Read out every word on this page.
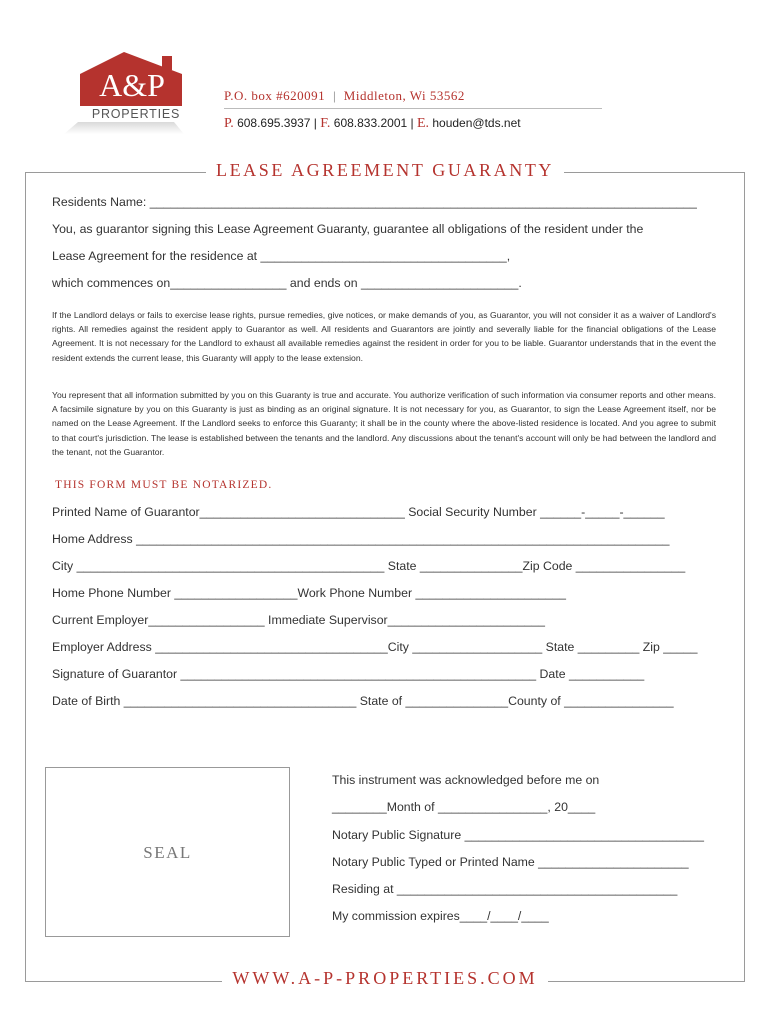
A&P
PROPERTIES
P.O. box #620091 | Middleton, Wi 53562
P. 608.695.3937 | F. 608.833.2001 | E. houden@tds.net
LEASE AGREEMENT GUARANTY
Residents Name: ________________________________________________________________________________
You, as guarantor signing this Lease Agreement Guaranty, guarantee all obligations of the resident under the
Lease Agreement for the residence at ____________________________________,
which commences on_________________ and ends on _______________________.
If the Landlord delays or fails to exercise lease rights, pursue remedies, give notices, or make demands of you, as Guarantor, you will not consider it as a waiver of Landlord's rights. All remedies against the resident apply to Guarantor as well. All residents and Guarantors are jointly and severally liable for the financial obligations of the Lease Agreement. It is not necessary for the Landlord to exhaust all available remedies against the resident in order for you to be liable. Guarantor understands that in the event the resident extends the current lease, this Guaranty will apply to the lease extension.
You represent that all information submitted by you on this Guaranty is true and accurate. You authorize verification of such information via consumer reports and other means. A facsimile signature by you on this Guaranty is just as binding as an original signature. It is not necessary for you, as Guarantor, to sign the Lease Agreement itself, nor be named on the Lease Agreement. If the Landlord seeks to enforce this Guaranty; it shall be in the county where the above-listed residence is located. And you agree to submit to that court's jurisdiction. The lease is established between the tenants and the landlord. Any discussions about the tenant's account will only be had between the landlord and the tenant, not the Guarantor.
THIS FORM MUST BE NOTARIZED.
Printed Name of Guarantor______________________________ Social Security Number ______-_____-______
Home Address ______________________________________________________________________________
City _____________________________________________ State _______________Zip Code ________________
Home Phone Number __________________Work Phone Number ______________________
Current Employer_________________ Immediate Supervisor_______________________
Employer Address __________________________________City ___________________ State _________ Zip _____
Signature of Guarantor ____________________________________________________ Date ___________
Date of Birth __________________________________ State of _______________County of ________________
SEAL
This instrument was acknowledged before me on
________Month of ________________, 20____
Notary Public Signature ___________________________________
Notary Public Typed or Printed Name ______________________
Residing at _________________________________________
My commission expires____/____/____
WWW.A-P-PROPERTIES.COM
